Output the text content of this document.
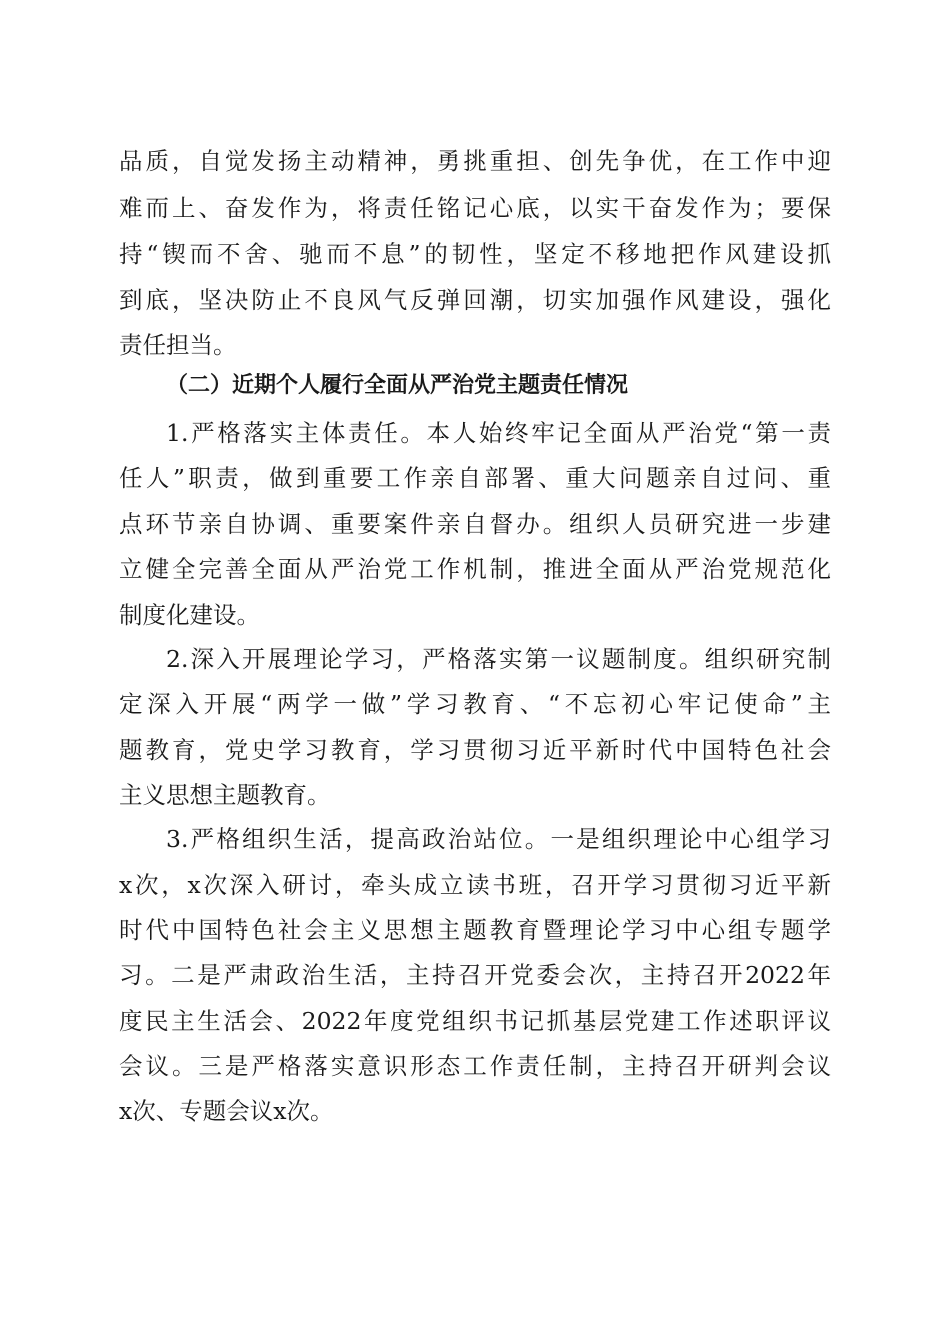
品质，自觉发扬主动精神，勇挑重担、创先争优，在工作中迎
难而上、奋发作为，将责任铭记心底，以实干奋发作为；要保
持“锲而不舍、驰而不息”的韧性，坚定不移地把作风建设抓
到底，坚决防止不良风气反弹回潮，切实加强作风建设，强化
责任担当。
（二）近期个人履行全面从严治党主题责任情况
1.严格落实主体责任。本人始终牢记全面从严治党“第一责
任人”职责，做到重要工作亲自部署、重大问题亲自过问、重
点环节亲自协调、重要案件亲自督办。组织人员研究进一步建
立健全完善全面从严治党工作机制，推进全面从严治党规范化
制度化建设。
2.深入开展理论学习，严格落实第一议题制度。组织研究制
定深入开展“两学一做”学习教育、“不忘初心牢记使命”主
题教育，党史学习教育，学习贯彻习近平新时代中国特色社会
主义思想主题教育。
3.严格组织生活，提高政治站位。一是组织理论中心组学习
x次，x次深入研讨，牵头成立读书班，召开学习贯彻习近平新
时代中国特色社会主义思想主题教育暨理论学习中心组专题学
习。二是严肃政治生活，主持召开党委会次，主持召开2022年
度民主生活会、2022年度党组织书记抓基层党建工作述职评议
会议。三是严格落实意识形态工作责任制，主持召开研判会议
x次、专题会议x次。
